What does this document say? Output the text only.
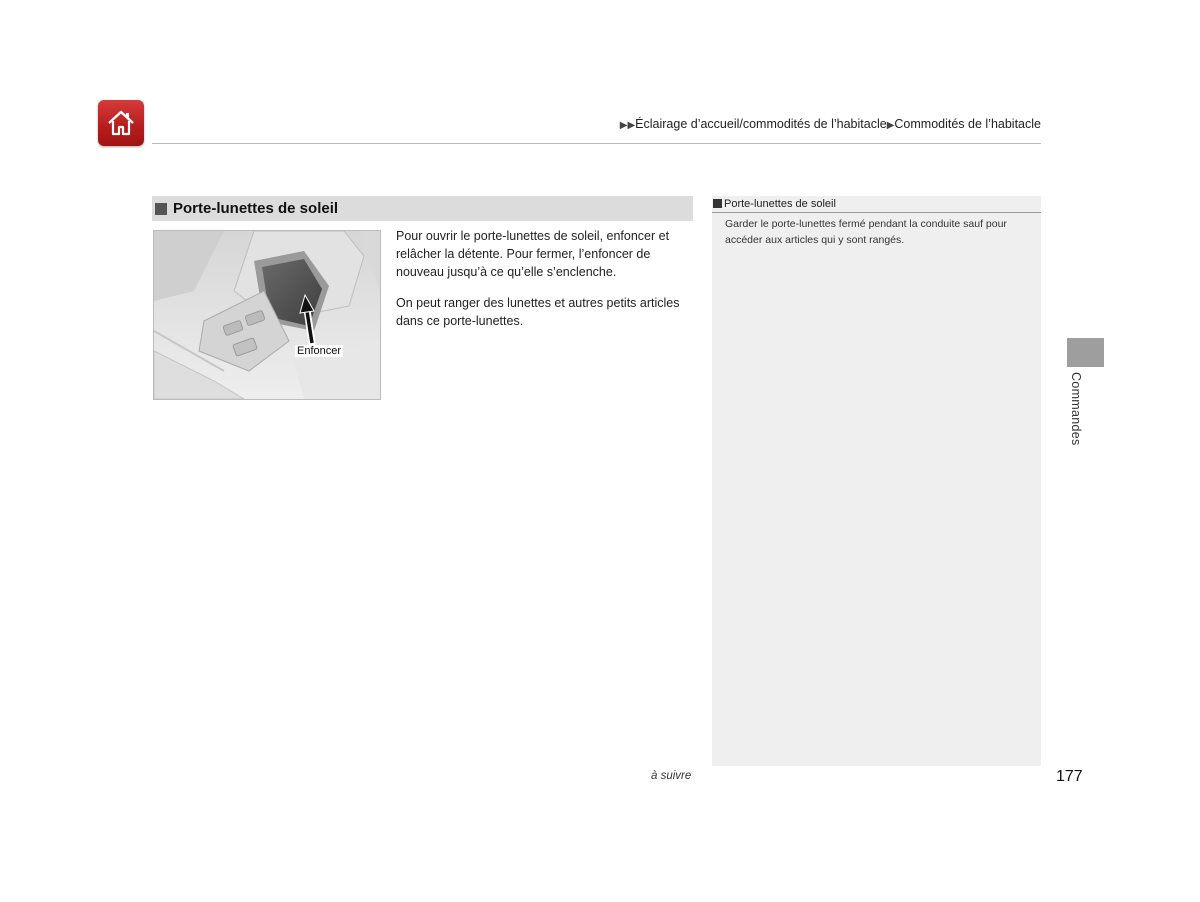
▶▶Éclairage d’accueil/commodités de l’habitacle▶Commodités de l’habitacle
Porte-lunettes de soleil
Enfoncer

Pour ouvrir le porte-lunettes de soleil, enfoncer et relâcher la détente. Pour fermer, l’enfoncer de nouveau jusqu’à ce qu’elle s’enclenche.

On peut ranger des lunettes et autres petits articles dans ce porte-lunettes.

Porte-lunettes de soleil
Garder le porte-lunettes fermé pendant la conduite sauf pour accéder aux articles qui y sont rangés.
Commandes
à suivre	177
